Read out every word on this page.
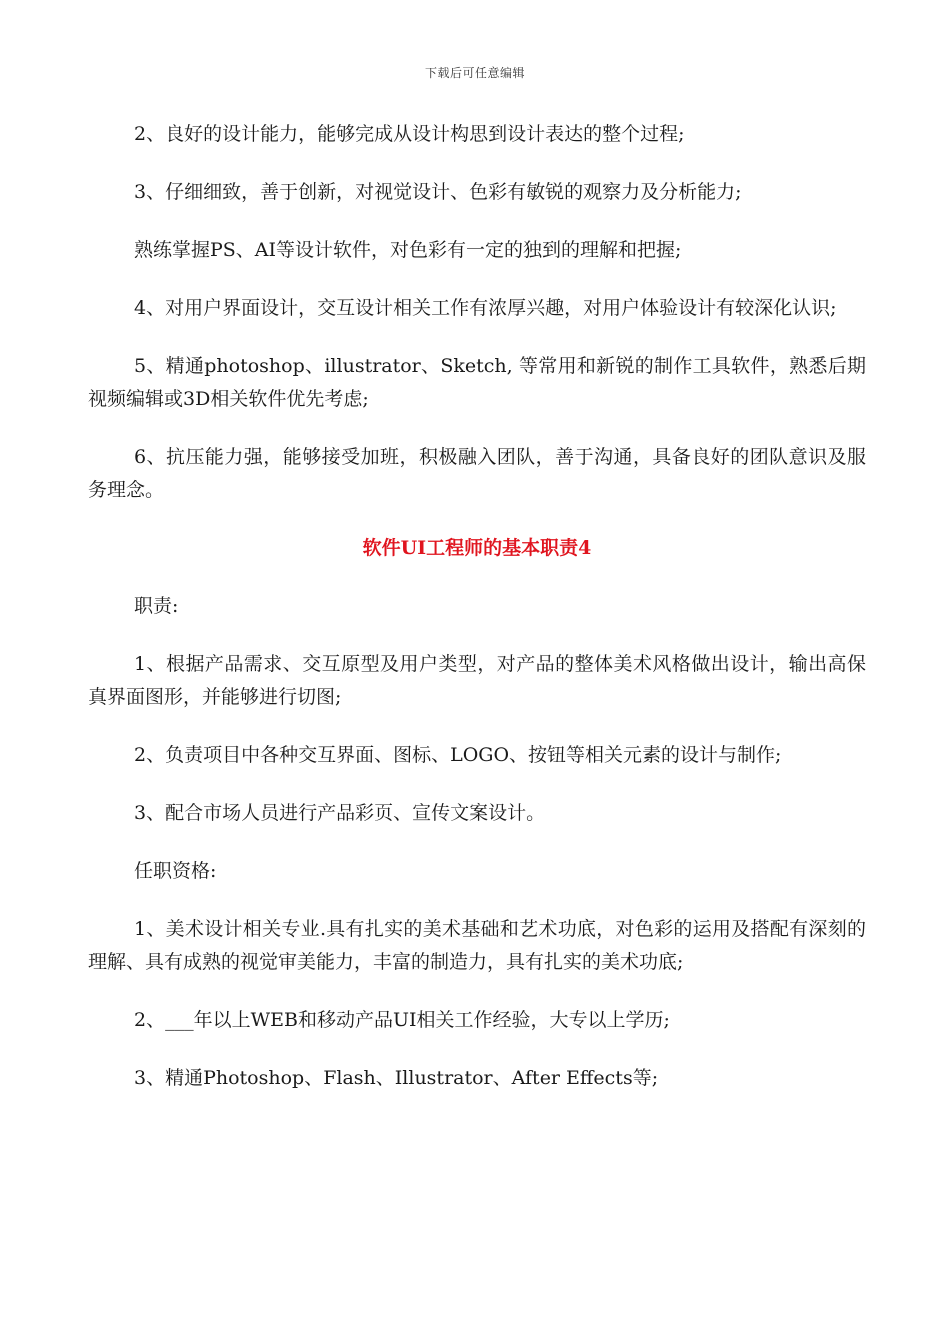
下载后可任意编辑

2、良好的设计能力，能够完成从设计构思到设计表达的整个过程;

3、仔细细致，善于创新，对视觉设计、色彩有敏锐的观察力及分析能力;

熟练掌握PS、AI等设计软件，对色彩有一定的独到的理解和把握;

4、对用户界面设计，交互设计相关工作有浓厚兴趣，对用户体验设计有较深化认识;

5、精通photoshop、illustrator、Sketch, 等常用和新锐的制作工具软件，熟悉后期视频编辑或3D相关软件优先考虑;

6、抗压能力强，能够接受加班，积极融入团队，善于沟通，具备良好的团队意识及服务理念。

软件UI工程师的基本职责4

职责:

1、根据产品需求、交互原型及用户类型，对产品的整体美术风格做出设计，输出高保真界面图形，并能够进行切图;

2、负责项目中各种交互界面、图标、LOGO、按钮等相关元素的设计与制作;

3、配合市场人员进行产品彩页、宣传文案设计。

任职资格:

1、美术设计相关专业.具有扎实的美术基础和艺术功底，对色彩的运用及搭配有深刻的理解、具有成熟的视觉审美能力，丰富的制造力，具有扎实的美术功底;

2、___年以上WEB和移动产品UI相关工作经验，大专以上学历;

3、精通Photoshop、Flash、Illustrator、After Effects等;
